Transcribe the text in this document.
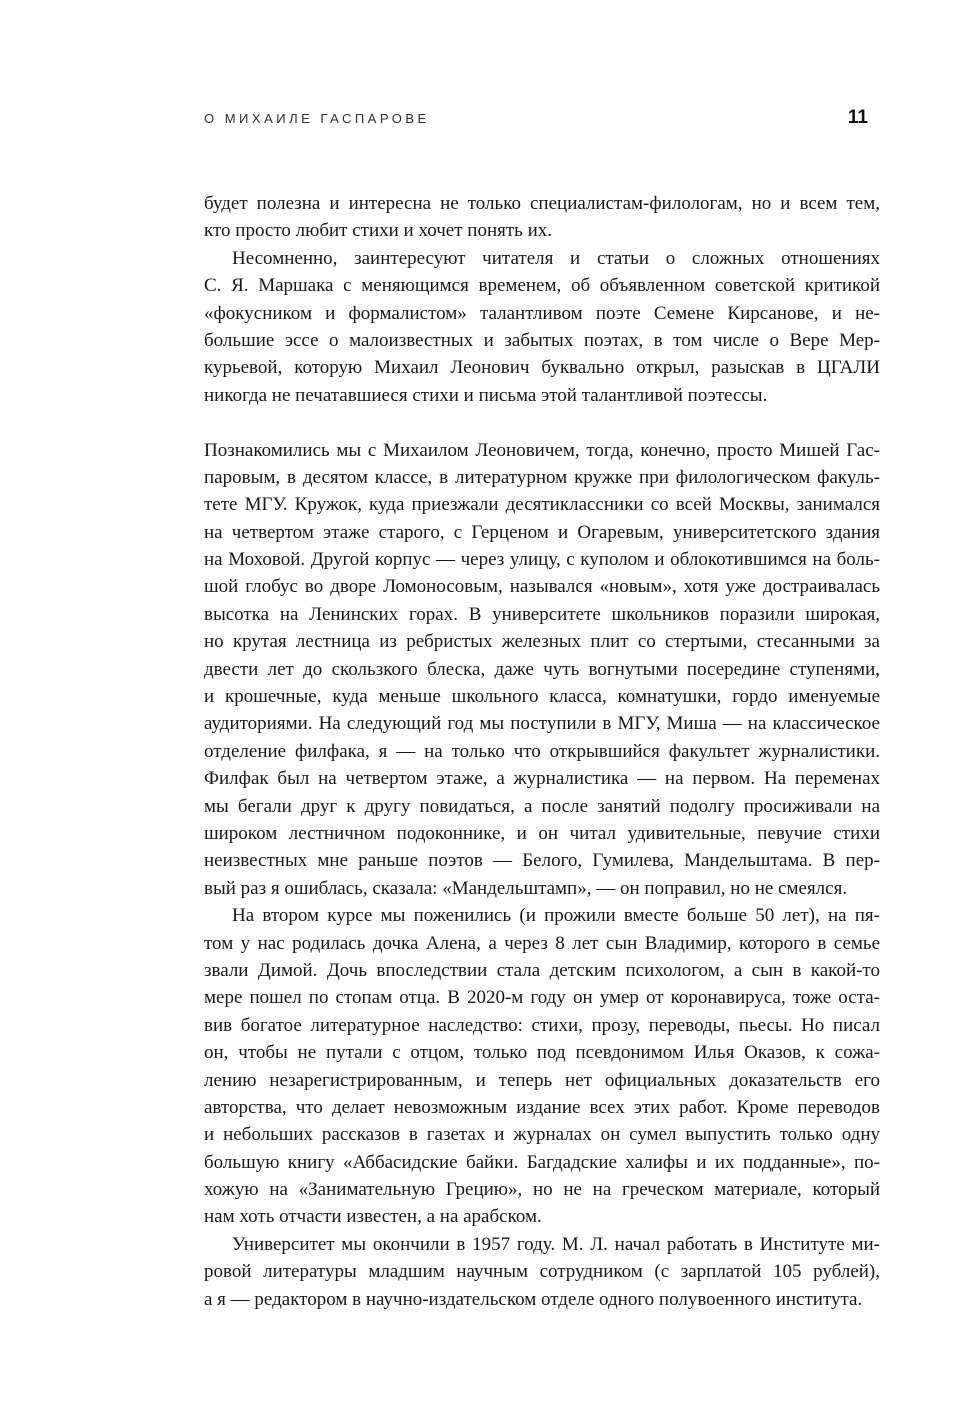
О МИХАИЛЕ ГАСПАРОВЕ	11
будет полезна и интересна не только специалистам-филологам, но и всем тем,
кто просто любит стихи и хочет понять их.
Несомненно, заинтересуют читателя и статьи о сложных отношениях
С. Я. Маршака с меняющимся временем, об объявленном советской критикой
«фокусником и формалистом» талантливом поэте Семене Кирсанове, и не-
большие эссе о малоизвестных и забытых поэтах, в том числе о Вере Мер-
курьевой, которую Михаил Леонович буквально открыл, разыскав в ЦГАЛИ
никогда не печатавшиеся стихи и письма этой талантливой поэтессы.
Познакомились мы с Михаилом Леоновичем, тогда, конечно, просто Мишей Гас-
паровым, в десятом классе, в литературном кружке при филологическом факуль-
тете МГУ. Кружок, куда приезжали десятиклассники со всей Москвы, занимался
на четвертом этаже старого, с Герценом и Огаревым, университетского здания
на Моховой. Другой корпус — через улицу, с куполом и облокотившимся на боль-
шой глобус во дворе Ломоносовым, назывался «новым», хотя уже достраивалась
высотка на Ленинских горах. В университете школьников поразили широкая,
но крутая лестница из ребристых железных плит со стертыми, стесанными за
двести лет до скользкого блеска, даже чуть вогнутыми посередине ступенями,
и крошечные, куда меньше школьного класса, комнатушки, гордо именуемые
аудиториями. На следующий год мы поступили в МГУ, Миша — на классическое
отделение филфака, я — на только что открывшийся факультет журналистики.
Филфак был на четвертом этаже, а журналистика — на первом. На переменах
мы бегали друг к другу повидаться, а после занятий подолгу просиживали на
широком лестничном подоконнике, и он читал удивительные, певучие стихи
неизвестных мне раньше поэтов — Белого, Гумилева, Мандельштама. В пер-
вый раз я ошиблась, сказала: «Мандельштамп», — он поправил, но не смеялся.
На втором курсе мы поженились (и прожили вместе больше 50 лет), на пя-
том у нас родилась дочка Алена, а через 8 лет сын Владимир, которого в семье
звали Димой. Дочь впоследствии стала детским психологом, а сын в какой-то
мере пошел по стопам отца. В 2020-м году он умер от коронавируса, тоже оста-
вив богатое литературное наследство: стихи, прозу, переводы, пьесы. Но писал
он, чтобы не путали с отцом, только под псевдонимом Илья Оказов, к сожа-
лению незарегистрированным, и теперь нет официальных доказательств его
авторства, что делает невозможным издание всех этих работ. Кроме переводов
и небольших рассказов в газетах и журналах он сумел выпустить только одну
большую книгу «Аббасидские байки. Багдадские халифы и их подданные», по-
хожую на «Занимательную Грецию», но не на греческом материале, который
нам хоть отчасти известен, а на арабском.
Университет мы окончили в 1957 году. М. Л. начал работать в Институте ми-
ровой литературы младшим научным сотрудником (с зарплатой 105 рублей),
а я — редактором в научно-издательском отделе одного полувоенного института.
